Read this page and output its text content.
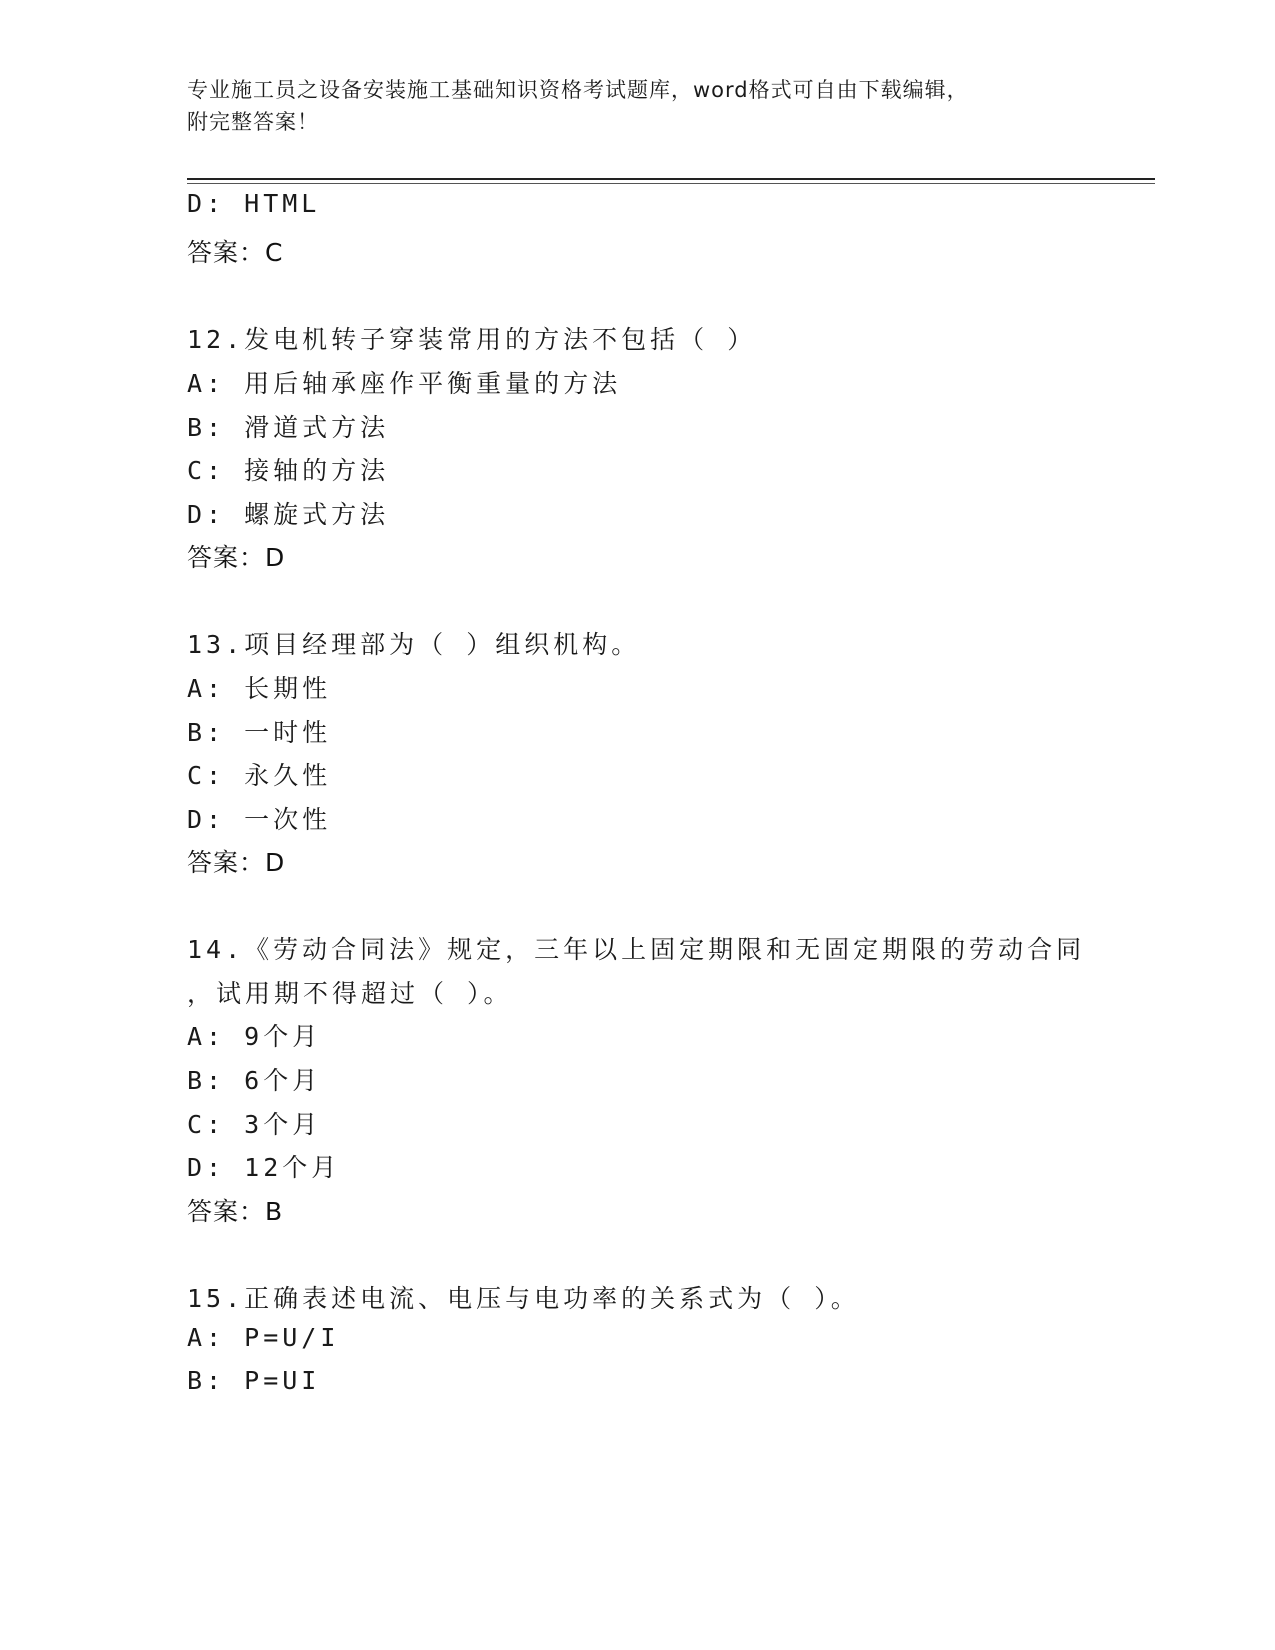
专业施工员之设备安装施工基础知识资格考试题库，word格式可自由下载编辑，
附完整答案！
D: HTML
答案：C
12.发电机转子穿装常用的方法不包括（ ）
A: 用后轴承座作平衡重量的方法
B: 滑道式方法
C: 接轴的方法
D: 螺旋式方法
答案：D
13.项目经理部为（ ）组织机构。
A: 长期性
B: 一时性
C: 永久性
D: 一次性
答案：D
14.《劳动合同法》规定，三年以上固定期限和无固定期限的劳动合同
，试用期不得超过（ ）。
A: 9个月
B: 6个月
C: 3个月
D: 12个月
答案：B
15.正确表述电流、电压与电功率的关系式为（ ）。
A: P=U/I
B: P=UI
